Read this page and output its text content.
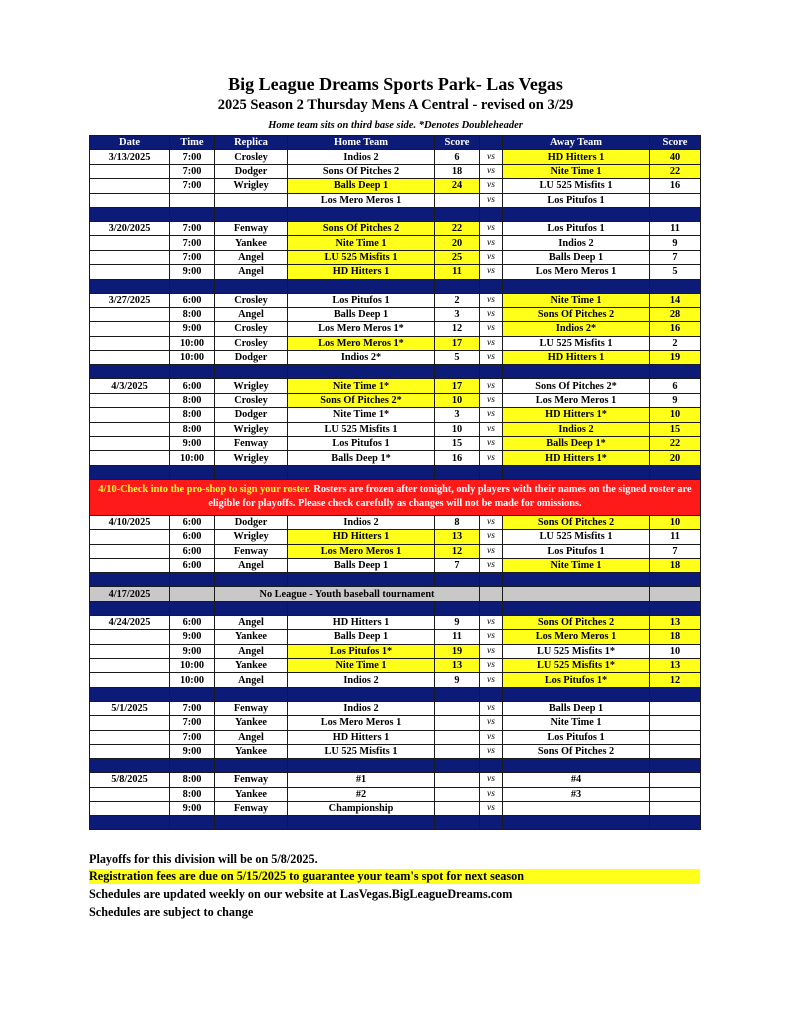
Big League Dreams Sports Park- Las Vegas
2025 Season 2 Thursday Mens A Central - revised on 3/29
Home team sits on third base side. *Denotes Doubleheader
Date	Time	Replica	Home Team	Score		Away Team	Score
3/13/2025	7:00	Crosley	Indios 2	6	vs	HD Hitters 1	40
	7:00	Dodger	Sons Of Pitches 2	18	vs	Nite Time 1	22
	7:00	Wrigley	Balls Deep 1	24	vs	LU 525 Misfits 1	16
			Los Mero Meros 1		vs	Los Pitufos 1	

3/20/2025	7:00	Fenway	Sons Of Pitches 2	22	vs	Los Pitufos 1	11
	7:00	Yankee	Nite Time 1	20	vs	Indios 2	9
	7:00	Angel	LU 525 Misfits 1	25	vs	Balls Deep 1	7
	9:00	Angel	HD Hitters 1	11	vs	Los Mero Meros 1	5

3/27/2025	6:00	Crosley	Los Pitufos 1	2	vs	Nite Time 1	14
	8:00	Angel	Balls Deep 1	3	vs	Sons Of Pitches 2	28
	9:00	Crosley	Los Mero Meros 1*	12	vs	Indios 2*	16
	10:00	Crosley	Los Mero Meros 1*	17	vs	LU 525 Misfits 1	2
	10:00	Dodger	Indios 2*	5	vs	HD Hitters 1	19

4/3/2025	6:00	Wrigley	Nite Time 1*	17	vs	Sons Of Pitches 2*	6
	8:00	Crosley	Sons Of Pitches 2*	10	vs	Los Mero Meros 1	9
	8:00	Dodger	Nite Time 1*	3	vs	HD Hitters 1*	10
	8:00	Wrigley	LU 525 Misfits 1	10	vs	Indios 2	15
	9:00	Fenway	Los Pitufos 1	15	vs	Balls Deep 1*	22
	10:00	Wrigley	Balls Deep 1*	16	vs	HD Hitters 1*	20

4/10-Check into the pro-shop to sign your roster. Rosters are frozen after tonight, only players with their names on the signed roster are eligible for playoffs. Please check carefully as changes will not be made for omissions.							
4/10/2025	6:00	Dodger	Indios 2	8	vs	Sons Of Pitches 2	10
	6:00	Wrigley	HD Hitters 1	13	vs	LU 525 Misfits 1	11
	6:00	Fenway	Los Mero Meros 1	12	vs	Los Pitufos 1	7
	6:00	Angel	Balls Deep 1	7	vs	Nite Time 1	18

4/17/2025		No League - Youth baseball tournament					

4/24/2025	6:00	Angel	HD Hitters 1	9	vs	Sons Of Pitches 2	13
	9:00	Yankee	Balls Deep 1	11	vs	Los Mero Meros 1	18
	9:00	Angel	Los Pitufos 1*	19	vs	LU 525 Misfits 1*	10
	10:00	Yankee	Nite Time 1	13	vs	LU 525 Misfits 1*	13
	10:00	Angel	Indios 2	9	vs	Los Pitufos 1*	12

5/1/2025	7:00	Fenway	Indios 2		vs	Balls Deep 1	
	7:00	Yankee	Los Mero Meros 1		vs	Nite Time 1	
	7:00	Angel	HD Hitters 1		vs	Los Pitufos 1	
	9:00	Yankee	LU 525 Misfits 1		vs	Sons Of Pitches 2	

5/8/2025	8:00	Fenway	#1		vs	#4	
	8:00	Yankee	#2		vs	#3	
	9:00	Fenway	Championship		vs		

Playoffs for this division will be on 5/8/2025.
Registration fees are due on 5/15/2025 to guarantee your team's spot for next season
Schedules are updated weekly on our website at LasVegas.BigLeagueDreams.com
Schedules are subject to change
